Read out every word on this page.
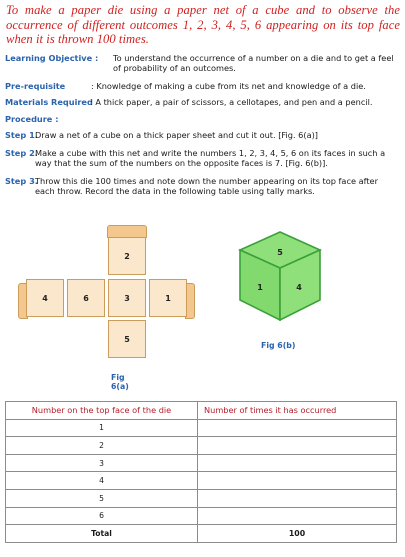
To make a paper die using a paper net of a cube and to observe the occurrence of different outcomes 1, 2, 3, 4, 5, 6 appearing on its top face when it is thrown 100 times.
Learning Objective : To understand the occurrence of a number on a die and to get a feel of probability of an outcomes.
Pre-requisite	: Knowledge of making a cube from its net and knowledge of a die.
Materials Required
: A thick paper, a pair of scissors, a cellotapes, and pen and a pencil.
Procedure :
Step 1.
Draw a net of a cube on a thick paper sheet and cut it out. [Fig. 6(a)]
Step 2.
Make a cube with this net and write the numbers 1, 2, 3, 4, 5, 6 on its faces in such a way that the sum of the numbers on the opposite faces is 7. [Fig. 6(b)].
Step 3.
Throw this die 100 times and note down the number appearing on its top face after each throw. Record the data in the following table using tally marks.
2
4	6	3	1
5
Fig 6(a)
5
1	4
Fig 6(b)
Number on the top face of the die	Number of times it has occurred
1	
2	
3	
4	
5	
6	
Total	100
